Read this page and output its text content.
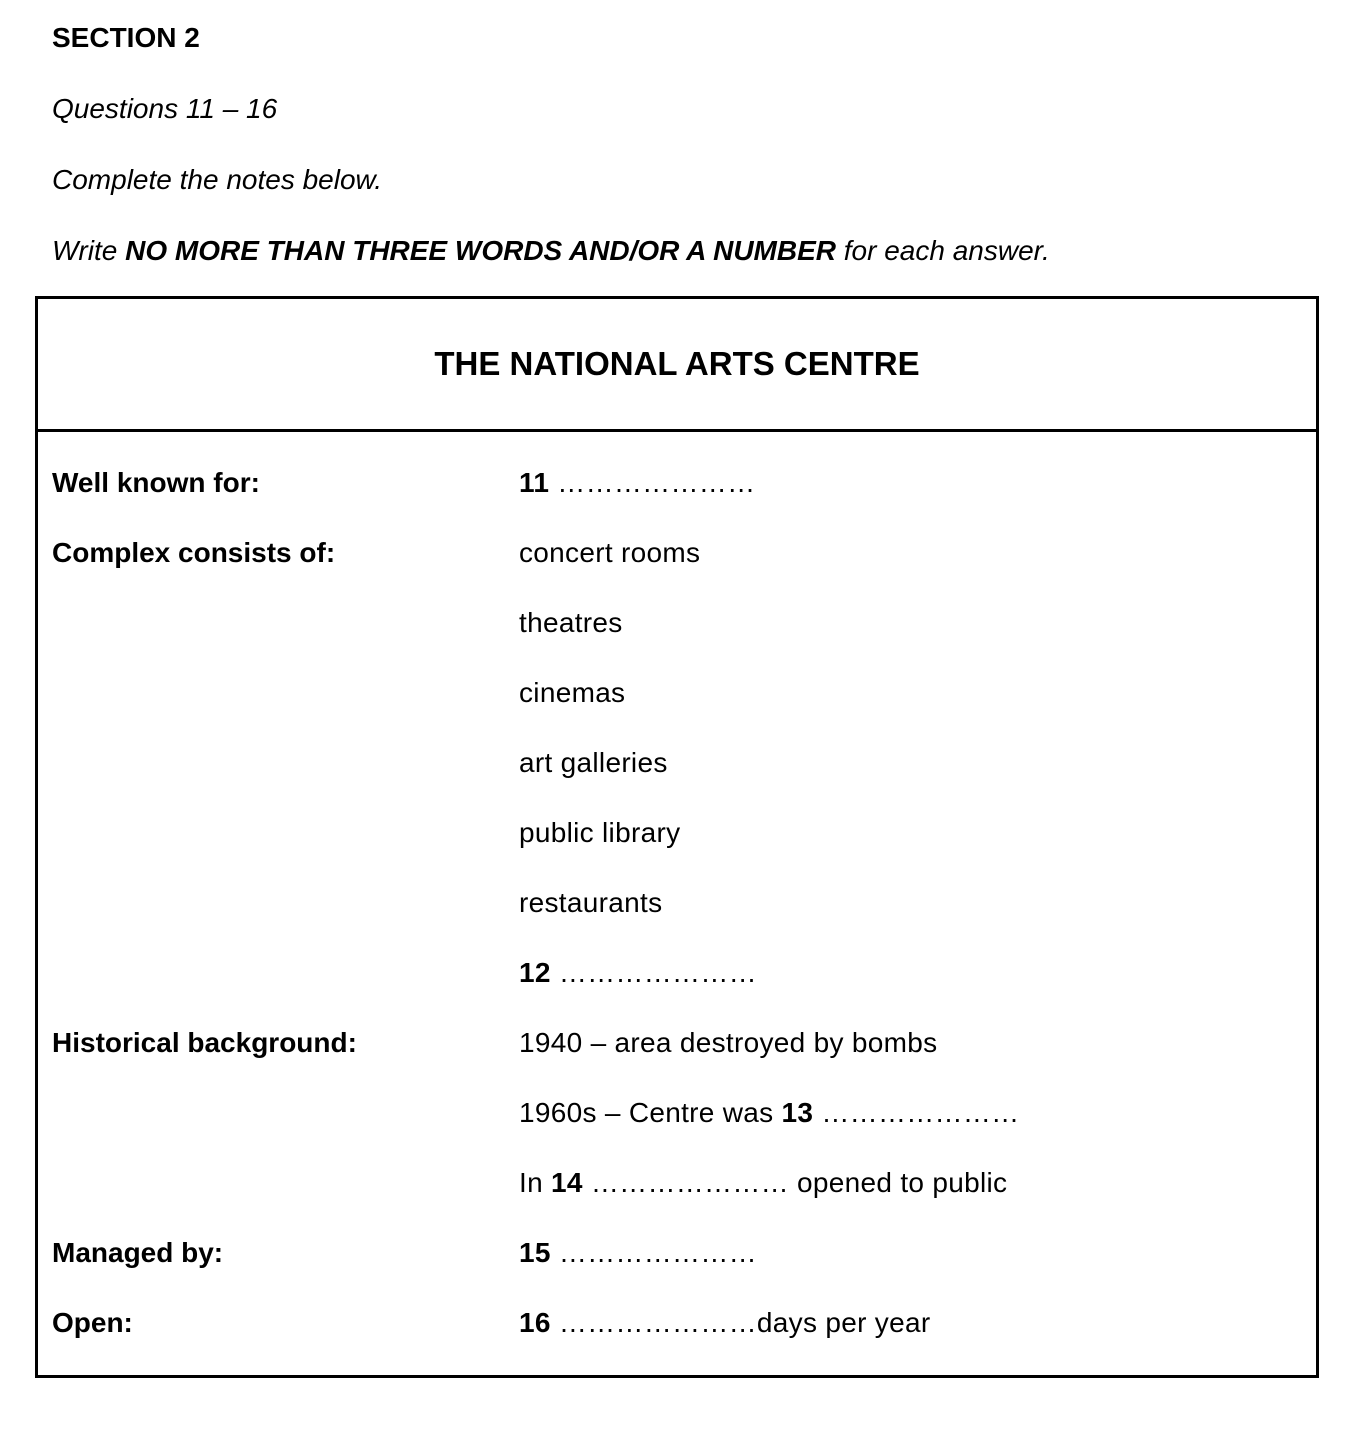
SECTION 2
Questions 11 – 16
Complete the notes below.
Write NO MORE THAN THREE WORDS AND/OR A NUMBER for each answer.
THE NATIONAL ARTS CENTRE
Well known for:	11 …………………
Complex consists of:	concert rooms
theatres
cinemas
art galleries
public library
restaurants
12 …………………
Historical background:	1940 – area destroyed by bombs
1960s – Centre was 13 …………………
In 14 ………………… opened to public
Managed by:	15 …………………
Open:	16 …………………days per year
